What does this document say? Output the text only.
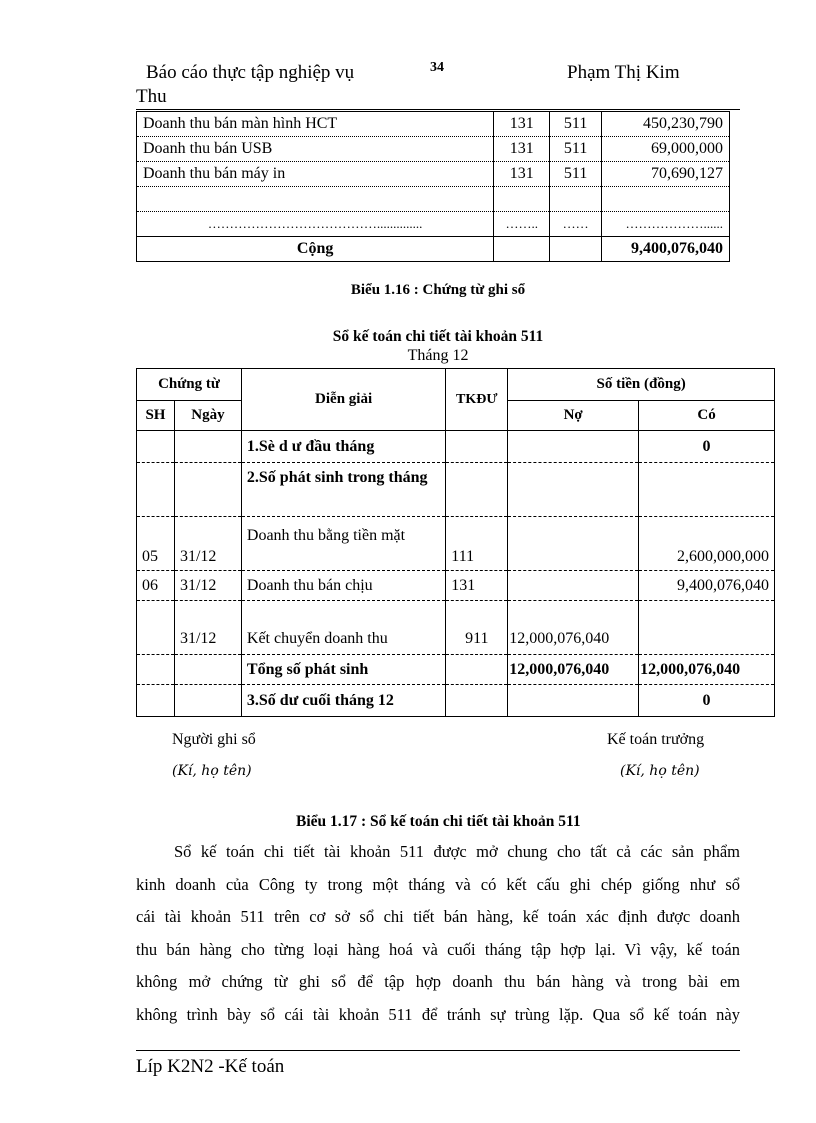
Báo cáo thực tập nghiệp vụ	34	Phạm Thị Kim
Thu
Doanh thu bán màn hình HCT	131	511	450,230,790
Doanh thu bán USB	131	511	69,000,000
Doanh thu bán máy in	131	511	70,690,127

…………………………………..............	……..	……	………………......
Cộng			9,400,076,040
Biểu 1.16 : Chứng từ ghi sổ
Sổ kế toán chi tiết tài khoản 511
Tháng 12
Chứng từ		Diễn giải	TKĐƯ	Số tiền (đồng)	
SH	Ngày			Nợ	Có
		1.Sè d ư đầu tháng			0
		2.Số phát sinh trong tháng			
05	31/12	Doanh thu bằng tiền mặt	111		2,600,000,000
06	31/12	Doanh thu bán chịu	131		9,400,076,040
	31/12	Kết chuyển doanh thu	911	12,000,076,040	
		Tổng số phát sinh		12,000,076,040	12,000,076,040
		3.Số dư cuối tháng 12			0
Người ghi sổ
(Kí, họ tên)
Kế toán trưởng
(Kí, họ tên)
Biểu 1.17 : Sổ kế toán chi tiết tài khoản 511
Sổ kế toán chi tiết tài khoản 511 được mở chung cho tất cả các sản phẩm
kinh doanh của Công ty trong một tháng và có kết cấu ghi chép giống như sổ
cái tài khoản 511 trên cơ sở sổ chi tiết bán hàng, kế toán xác định được doanh
thu bán hàng cho từng loại hàng hoá và cuối tháng tập hợp lại. Vì vậy, kế toán
không mở chứng từ ghi sổ để tập hợp doanh thu bán hàng và trong bài em
không trình bày sổ cái tài khoản 511 để tránh sự trùng lặp. Qua sổ kế toán này
Líp K2N2 -Kế toán
